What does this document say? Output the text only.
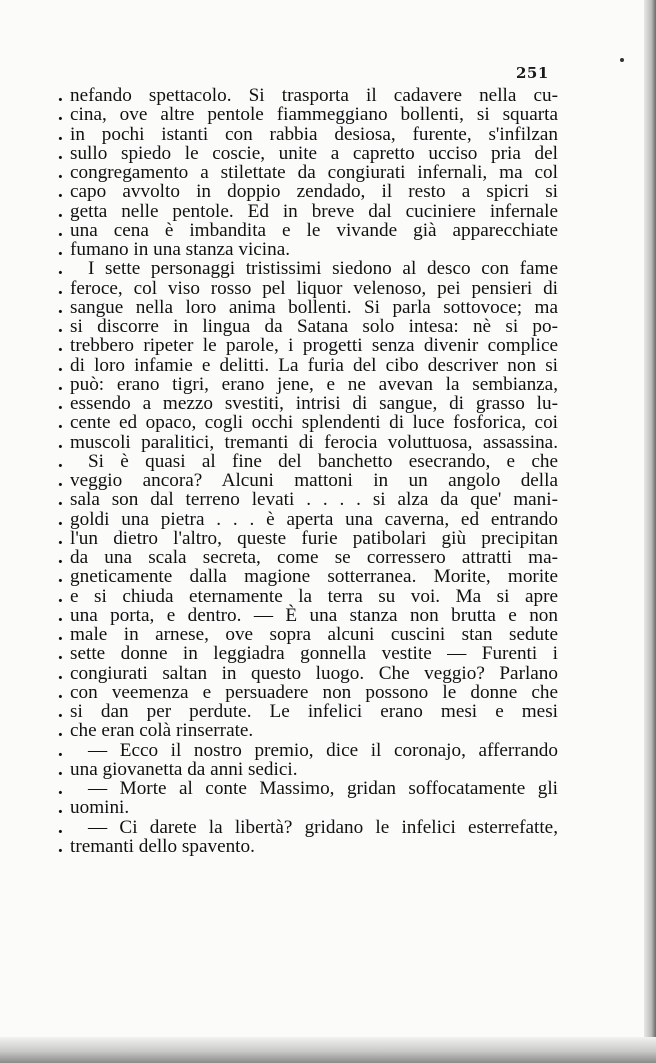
251
. nefando spettacolo. Si trasporta il cadavere nella cu-
. cina, ove altre pentole fiammeggiano bollenti, si squarta
. in pochi istanti con rabbia desiosa, furente, s'infilzan
. sullo spiedo le coscie, unite a capretto ucciso pria del
. congregamento a stilettate da congiurati infernali, ma col
. capo avvolto in doppio zendado, il resto a spicri si
. getta nelle pentole. Ed in breve dal cuciniere infernale
. una cena è imbandita e le vivande già apparecchiate
. fumano in una stanza vicina.
. I sette personaggi tristissimi siedono al desco con fame
. feroce, col viso rosso pel liquor velenoso, pei pensieri di
. sangue nella loro anima bollenti. Si parla sottovoce; ma
. si discorre in lingua da Satana solo intesa: nè si po-
. trebbero ripeter le parole, i progetti senza divenir complice
. di loro infamie e delitti. La furia del cibo descriver non si
. può: erano tigri, erano jene, e ne avevan la sembianza,
. essendo a mezzo svestiti, intrisi di sangue, di grasso lu-
. cente ed opaco, cogli occhi splendenti di luce fosforica, coi
. muscoli paralitici, tremanti di ferocia voluttuosa, assassina.
. Si è quasi al fine del banchetto esecrando, e che
. veggio ancora? Alcuni mattoni in un angolo della
. sala son dal terreno levati . . . . si alza da que' mani-
. goldi una pietra . . . è aperta una caverna, ed entrando
. l'un dietro l'altro, queste furie patibolari giù precipitan
. da una scala secreta, come se corressero attratti ma-
. gneticamente dalla magione sotterranea. Morite, morite
. e si chiuda eternamente la terra su voi. Ma si apre
. una porta, e dentro. — È una stanza non brutta e non
. male in arnese, ove sopra alcuni cuscini stan sedute
. sette donne in leggiadra gonnella vestite — Furenti i
. congiurati saltan in questo luogo. Che veggio? Parlano
. con veemenza e persuadere non possono le donne che
. si dan per perdute. Le infelici erano mesi e mesi
. che eran colà rinserrate.
. — Ecco il nostro premio, dice il coronajo, afferrando
. una giovanetta da anni sedici.
. — Morte al conte Massimo, gridan soffocatamente gli
. uomini.
. — Ci darete la libertà? gridano le infelici esterrefatte,
. tremanti dello spavento.
